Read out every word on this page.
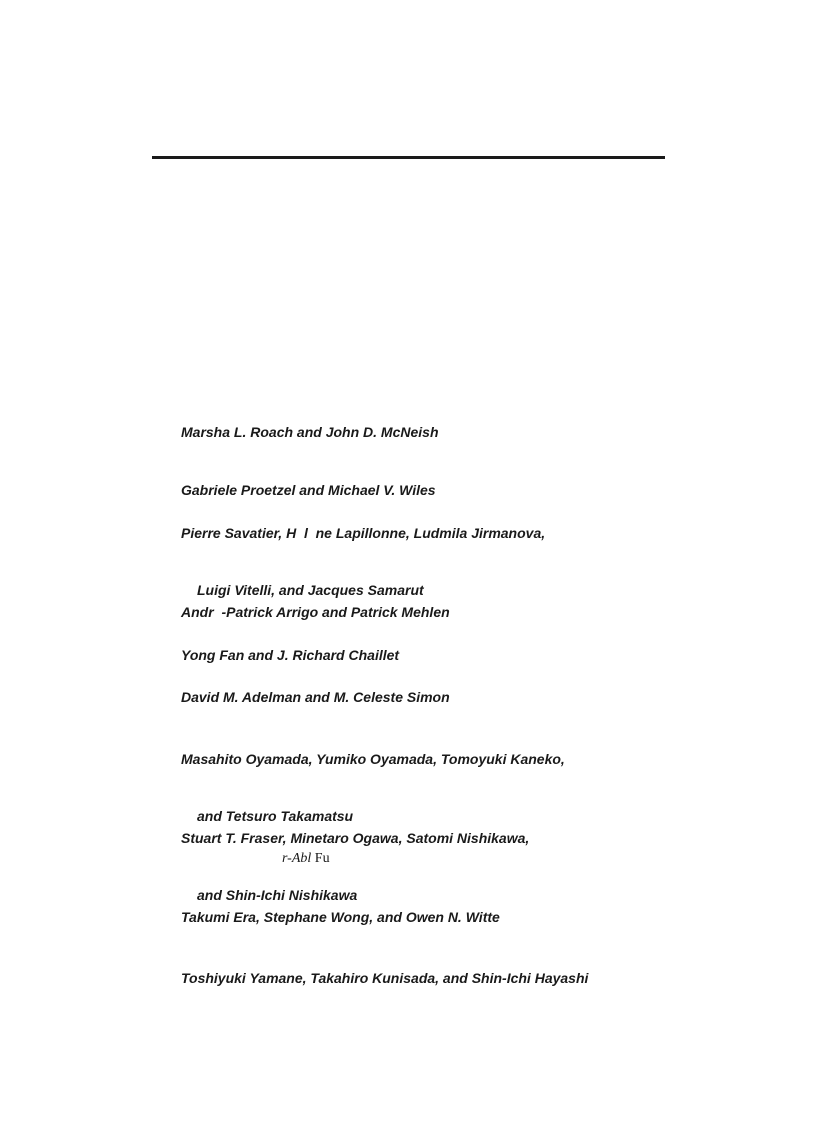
Marsha L. Roach and John D. McNeish

Gabriele Proetzel and Michael V. Wiles

Pierre Savatier, H  l  ne Lapillonne, Ludmila Jirmanova,

Luigi Vitelli, and Jacques Samarut

Andr  -Patrick Arrigo and Patrick Mehlen

Yong Fan and J. Richard Chaillet

David M. Adelman and M. Celeste Simon

Masahito Oyamada, Yumiko Oyamada, Tomoyuki Kaneko,

and Tetsuro Takamatsu

Stuart T. Fraser, Minetaro Ogawa, Satomi Nishikawa,

and Shin-Ichi Nishikawa

r-Abl Fu

Takumi Era, Stephane Wong, and Owen N. Witte

Toshiyuki Yamane, Takahiro Kunisada, and Shin-Ichi Hayashi
